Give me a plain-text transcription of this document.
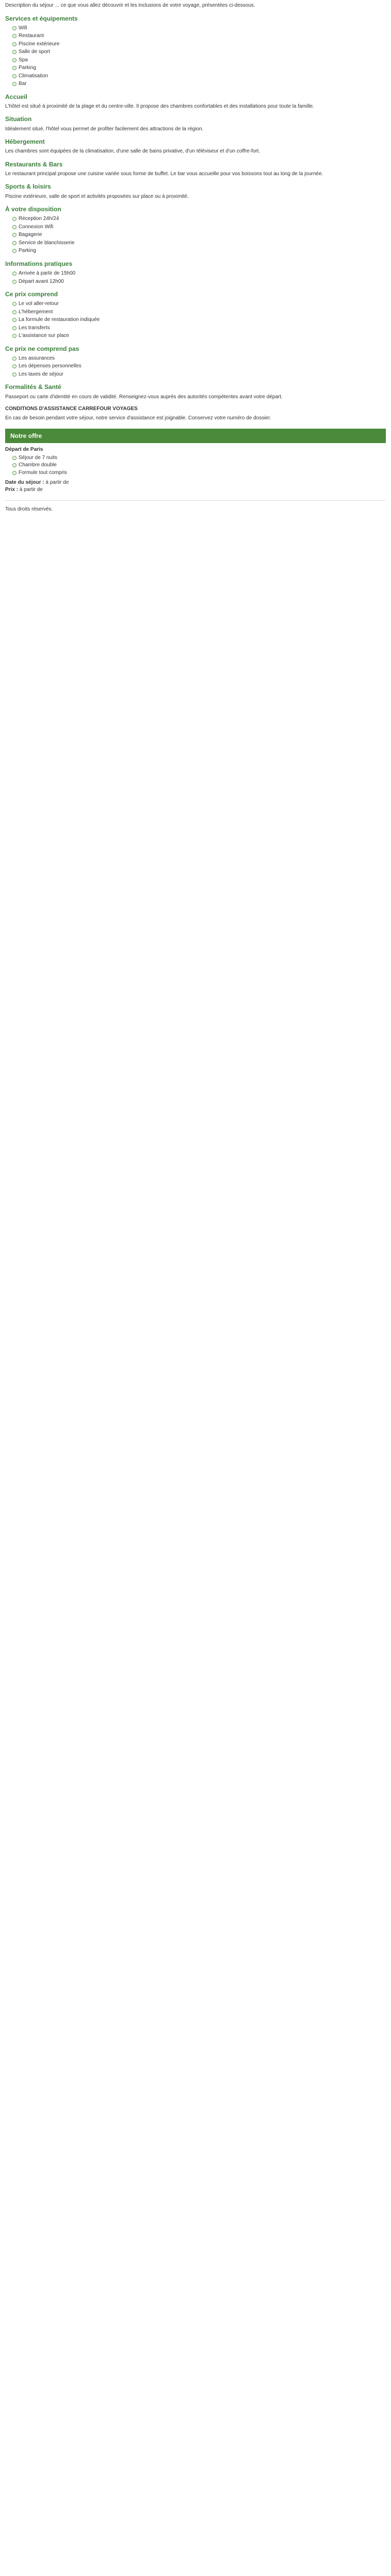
Description du séjour ... ce que vous allez découvrir et les inclusions de votre voyage, présentées ci-dessous.

Services et équipements
Wifi
Restaurant
Piscine extérieure
Salle de sport
Spa
Parking
Climatisation
Bar
Accueil

L'hôtel est situé à proximité de la plage et du centre-ville. Il propose des chambres confortables et des installations pour toute la famille.

Situation

Idéalement situé, l'hôtel vous permet de profiter facilement des attractions de la région.

Hébergement

Les chambres sont équipées de la climatisation, d'une salle de bains privative, d'un téléviseur et d'un coffre-fort.

Restaurants & Bars

Le restaurant principal propose une cuisine variée sous forme de buffet. Le bar vous accueille pour vos boissons tout au long de la journée.

Sports & loisirs

Piscine extérieure, salle de sport et activités proposées sur place ou à proximité.

À votre disposition
Réception 24h/24
Connexion Wifi
Bagagerie
Service de blanchisserie
Parking
Informations pratiques
Arrivée à partir de 15h00
Départ avant 12h00
Ce prix comprend
Le vol aller-retour
L'hébergement
La formule de restauration indiquée
Les transferts
L'assistance sur place
Ce prix ne comprend pas
Les assurances
Les dépenses personnelles
Les taxes de séjour
Formalités & Santé

Passeport ou carte d'identité en cours de validité. Renseignez-vous auprès des autorités compétentes avant votre départ.

CONDITIONS D'ASSISTANCE CARREFOUR VOYAGES

En cas de besoin pendant votre séjour, notre service d'assistance est joignable. Conservez votre numéro de dossier.

Notre offre
Départ de Paris
Séjour de 7 nuits
Chambre double
Formule tout compris
Date du séjour : à partir de
Prix : à partir de

Tous droits réservés.
